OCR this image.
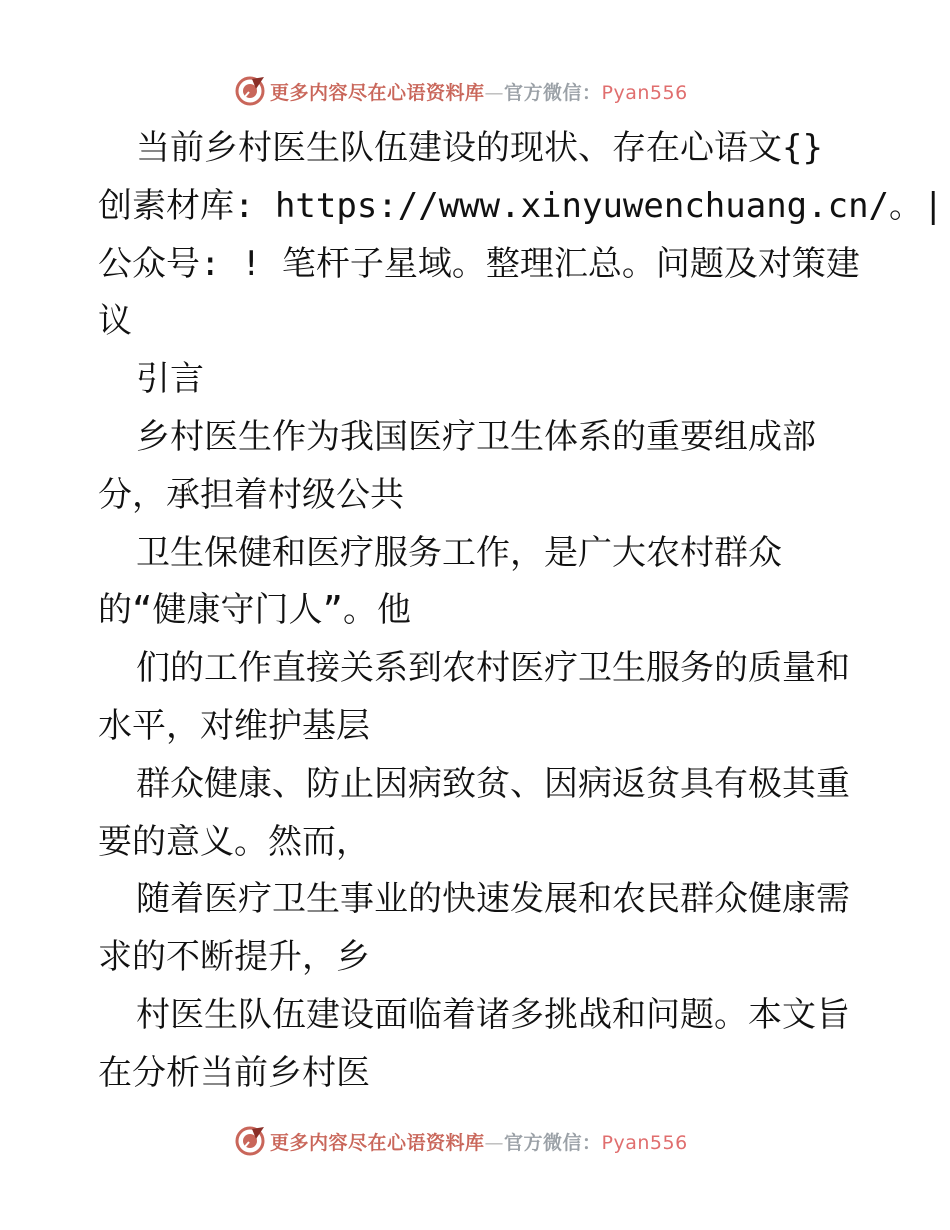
更多内容尽在心语资料库—官方微信：Pyan556
当前乡村医生队伍建设的现状、存在心语文{}
创素材库: https://www.xinyuwenchuang.cn/。|
公众号: ! 笔杆子星域。整理汇总。问题及对策建
议
引言
乡村医生作为我国医疗卫生体系的重要组成部
分，承担着村级公共
卫生保健和医疗服务工作，是广大农村群众
的“健康守门人”。他
们的工作直接关系到农村医疗卫生服务的质量和
水平，对维护基层
群众健康、防止因病致贫、因病返贫具有极其重
要的意义。然而，
随着医疗卫生事业的快速发展和农民群众健康需
求的不断提升，乡
村医生队伍建设面临着诸多挑战和问题。本文旨
在分析当前乡村医
更多内容尽在心语资料库—官方微信：Pyan556
